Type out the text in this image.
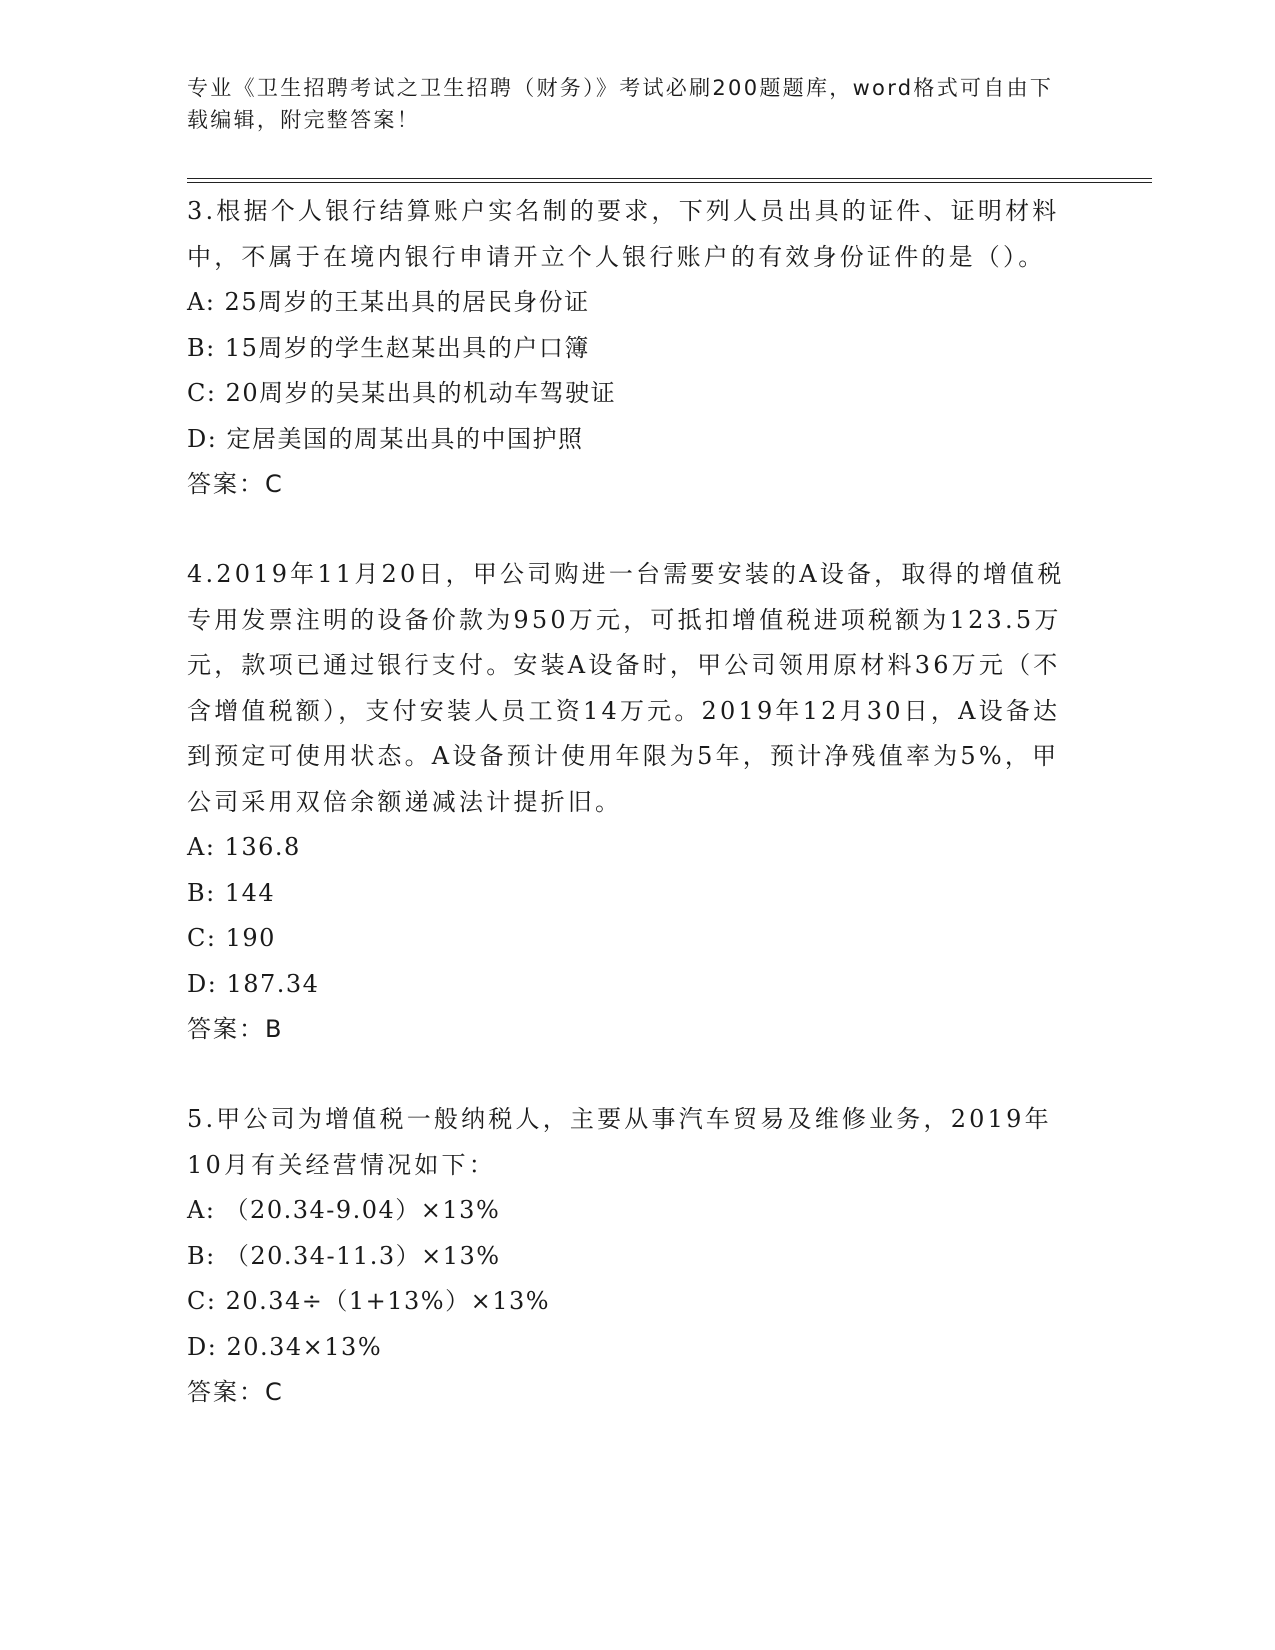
专业《卫生招聘考试之卫生招聘（财务）》考试必刷200题题库，word格式可自由下载编辑，附完整答案！
3.根据个人银行结算账户实名制的要求，下列人员出具的证件、证明材料中，不属于在境内银行申请开立个人银行账户的有效身份证件的是（）。
A: 25周岁的王某出具的居民身份证
B: 15周岁的学生赵某出具的户口簿
C: 20周岁的吴某出具的机动车驾驶证
D: 定居美国的周某出具的中国护照
答案：C
4.2019年11月20日，甲公司购进一台需要安装的A设备，取得的增值税专用发票注明的设备价款为950万元，可抵扣增值税进项税额为123.5万元，款项已通过银行支付。安装A设备时，甲公司领用原材料36万元（不含增值税额），支付安装人员工资14万元。2019年12月30日，A设备达到预定可使用状态。A设备预计使用年限为5年，预计净残值率为5%，甲公司采用双倍余额递减法计提折旧。
A: 136.8
B: 144
C: 190
D: 187.34
答案：B
5.甲公司为增值税一般纳税人，主要从事汽车贸易及维修业务，2019年10月有关经营情况如下：
A: （20.34-9.04）×13%
B: （20.34-11.3）×13%
C: 20.34÷（1+13%）×13%
D: 20.34×13%
答案：C
